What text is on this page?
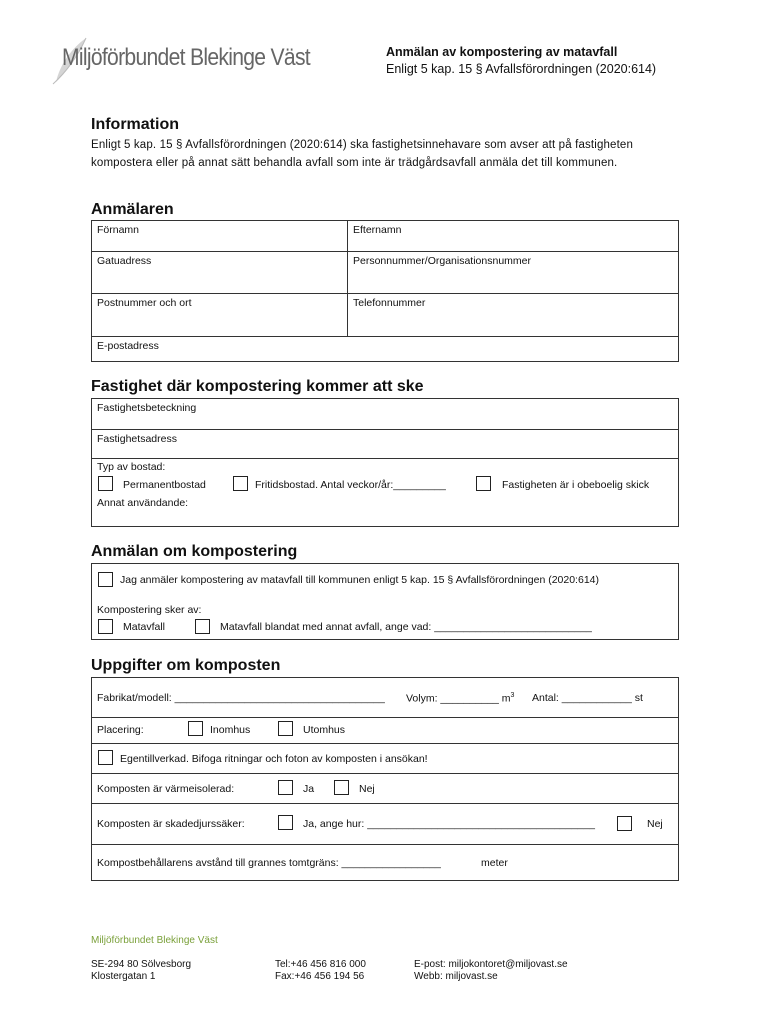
Miljöförbundet Blekinge Väst	Anmälan av kompostering av matavfall
Enligt 5 kap. 15 § Avfallsförordningen (2020:614)
Information
Enligt 5 kap. 15 § Avfallsförordningen (2020:614) ska fastighetsinnehavare som avser att på fastigheten kompostera eller på annat sätt behandla avfall som inte är trädgårdsavfall anmäla det till kommunen.
Anmälaren
Förnamn	Efternamn
Gatuadress	Personnummer/Organisationsnummer
Postnummer och ort	Telefonnummer
E-postadress
Fastighet där kompostering kommer att ske
Fastighetsbeteckning
Fastighetsadress
Typ av bostad:
Permanentbostad	Fritidsbostad. Antal veckor/år:_________	Fastigheten är i obeboelig skick
Annat användande:
Anmälan om kompostering
Jag anmäler kompostering av matavfall till kommunen enligt 5 kap. 15 § Avfallsförordningen (2020:614)
Kompostering sker av:
Matavfall	Matavfall blandat med annat avfall, ange vad: ___________________________
Uppgifter om komposten
Fabrikat/modell: ____________________________________ Volym: __________ $m^3$ Antal: ____________ st
Placering:	Inomhus	Utomhus
Egentillverkad. Bifoga ritningar och foton av komposten i ansökan!
Komposten är värmeisolerad:	Ja	Nej
Komposten är skadedjurssäker:	Ja, ange hur: _______________________________________	Nej
Kompostbehållarens avstånd till grannes tomtgräns: _________________	meter
Miljöförbundet Blekinge Väst
SE-294 80 Sölvesborg
Klostergatan 1
Tel:+46 456 816 000
Fax:+46 456 194 56
E-post: miljokontoret@miljovast.se
Webb: miljovast.se
